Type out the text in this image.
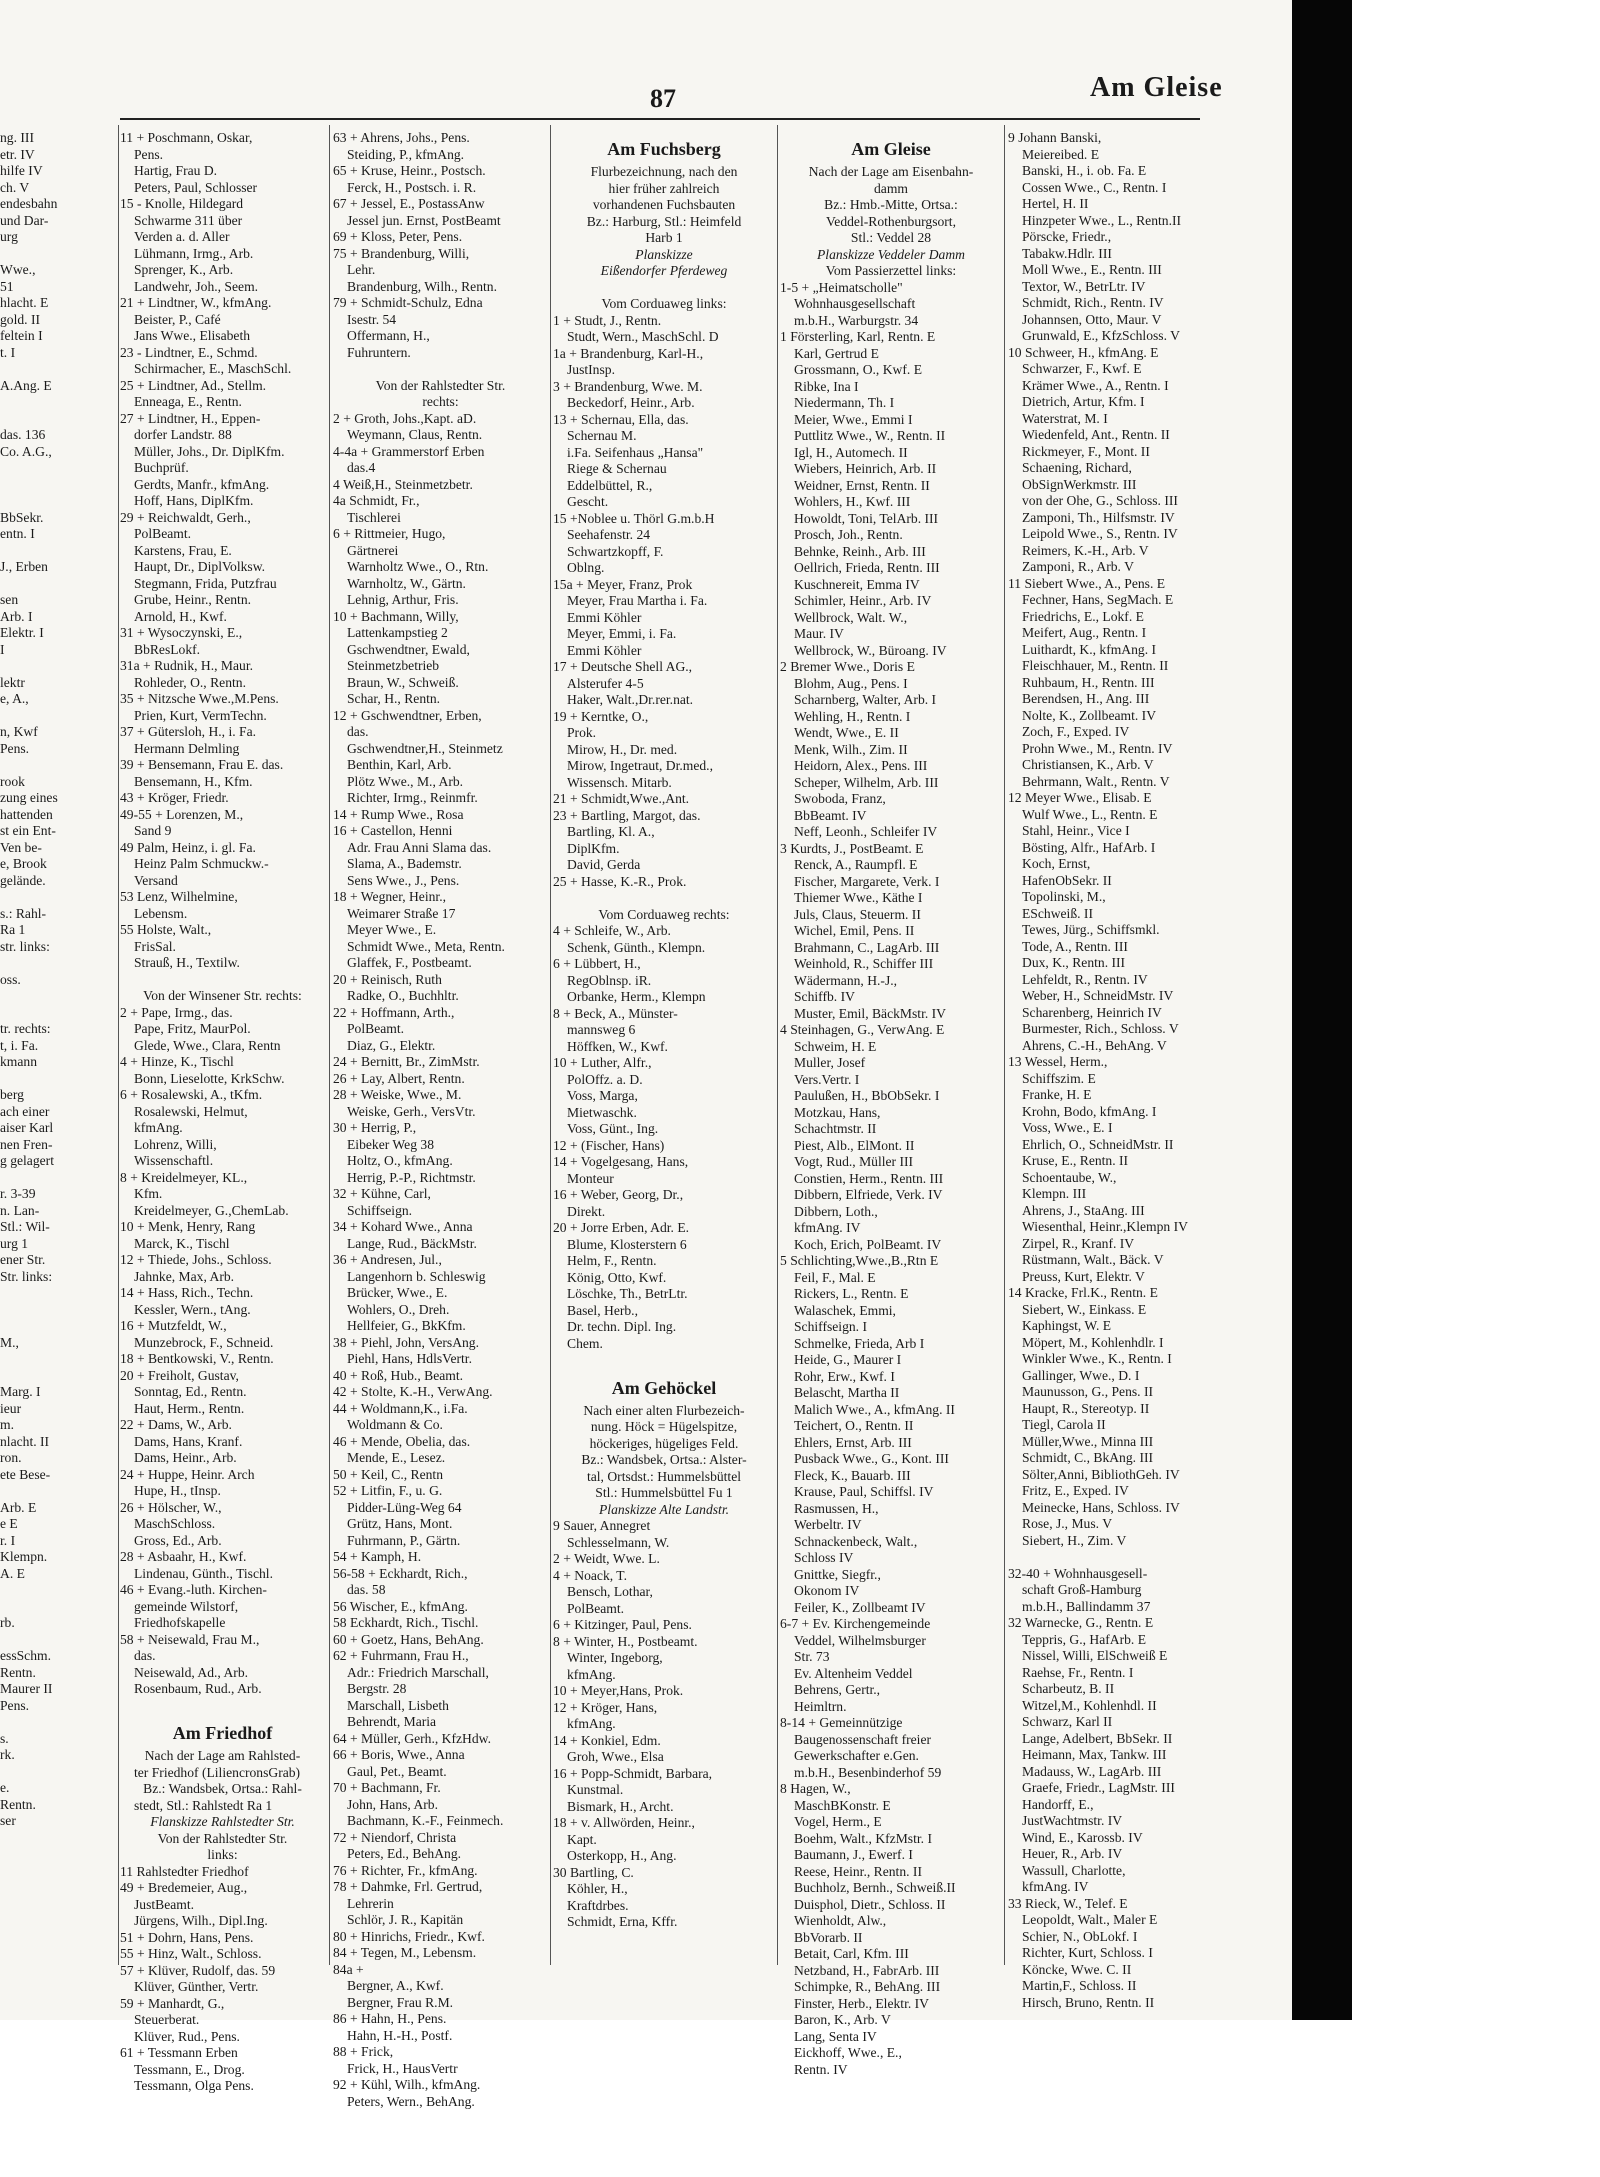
87	Am Gleise
ng. III
etr. IV
hilfe IV
ch. V
endesbahn
und Dar-
urg

Wwe.,
51
hlacht. E
gold. II
feltein I
t. I

A.Ang. E

das. 136
Co. A.G.,

BbSekr.
entn. I

J., Erben

sen
Arb. I
Elektr. I
I

lektr
e, A.,

n, Kwf
Pens.

rook
zung eines
hattenden
st ein Ent-
Ven be-
e, Brook
gelände.

s.: Rahl-
Ra 1
str. links:

oss.

tr. rechts:
t, i. Fa.
kmann

berg
ach einer
aiser Karl
nen Fren-
g gelagert

r. 3-39
n. Lan-
Stl.: Wil-
urg 1
ener Str.
Str. links:

M.,

Marg. I
ieur
m.
nlacht. II
ron.
ete Bese-

Arb. E
e E
r. I
Klempn.
A. E

rb.

essSchm.
Rentn.
Maurer II
Pens.

s.
rk.

e.
Rentn.
ser
11 + Poschmann, Oskar,
Pens.
Hartig, Frau D.
Peters, Paul, Schlosser
15 - Knolle, Hildegard
Schwarme 311 über
Verden a. d. Aller
Lühmann, Irmg., Arb.
Sprenger, K., Arb.
Landwehr, Joh., Seem.
21 + Lindtner, W., kfmAng.
Beister, P., Café
Jans Wwe., Elisabeth
23 - Lindtner, E., Schmd.
Schirmacher, E., MaschSchl.
25 + Lindtner, Ad., Stellm.
Enneaga, E., Rentn.
27 + Lindtner, H., Eppen-
dorfer Landstr. 88
Müller, Johs., Dr. DiplKfm.
Buchprüf.
Gerdts, Manfr., kfmAng.
Hoff, Hans, DiplKfm.
29 + Reichwaldt, Gerh.,
PolBeamt.
Karstens, Frau, E.
Haupt, Dr., DiplVolksw.
Stegmann, Frida, Putzfrau
Grube, Heinr., Rentn.
Arnold, H., Kwf.
31 + Wysoczynski, E.,
BbResLokf.
31a + Rudnik, H., Maur.
Rohleder, O., Rentn.
35 + Nitzsche Wwe.,M.Pens.
Prien, Kurt, VermTechn.
37 + Gütersloh, H., i. Fa.
Hermann Delmling
39 + Bensemann, Frau E. das.
Bensemann, H., Kfm.
43 + Kröger, Friedr.
49-55 + Lorenzen, M.,
Sand 9
49 Palm, Heinz, i. gl. Fa.
Heinz Palm Schmuckw.-
Versand
53 Lenz, Wilhelmine,
Lebensm.
55 Holste, Walt.,
FrisSal.
Strauß, H., Textilw.

Von der Winsener Str. rechts:
2 + Pape, Irmg., das.
Pape, Fritz, MaurPol.
Glede, Wwe., Clara, Rentn
4 + Hinze, K., Tischl
Bonn, Lieselotte, KrkSchw.
6 + Rosalewski, A., tKfm.
Rosalewski, Helmut,
kfmAng.
Lohrenz, Willi,
Wissenschaftl.
8 + Kreidelmeyer, KL.,
Kfm.
Kreidelmeyer, G.,ChemLab.
10 + Menk, Henry, Rang
Marck, K., Tischl
12 + Thiede, Johs., Schloss.
Jahnke, Max, Arb.
14 + Hass, Rich., Techn.
Kessler, Wern., tAng.
16 + Mutzfeldt, W.,
Munzebrock, F., Schneid.
18 + Bentkowski, V., Rentn.
20 + Freiholt, Gustav,
Sonntag, Ed., Rentn.
Haut, Herm., Rentn.
22 + Dams, W., Arb.
Dams, Hans, Kranf.
Dams, Heinr., Arb.
24 + Huppe, Heinr. Arch
Hupe, H., tInsp.
26 + Hölscher, W.,
MaschSchloss.
Gross, Ed., Arb.
28 + Asbaahr, H., Kwf.
Lindenau, Günth., Tischl.
46 + Evang.-luth. Kirchen-
gemeinde Wilstorf,
Friedhofskapelle
58 + Neisewald, Frau M.,
das.
Neisewald, Ad., Arb.
Rosenbaum, Rud., Arb.

Am Friedhof
Nach der Lage am Rahlsted-
ter Friedhof (LiliencronsGrab)
Bz.: Wandsbek, Ortsa.: Rahl-
stedt, Stl.: Rahlstedt Ra 1
Flanskizze Rahlstedter Str.
Von der Rahlstedter Str.
links:
11 Rahlstedter Friedhof
49 + Bredemeier, Aug.,
JustBeamt.
Jürgens, Wilh., Dipl.Ing.
51 + Dohrn, Hans, Pens.
55 + Hinz, Walt., Schloss.
57 + Klüver, Rudolf, das. 59
Klüver, Günther, Vertr.
59 + Manhardt, G.,
Steuerberat.
Klüver, Rud., Pens.
61 + Tessmann Erben
Tessmann, E., Drog.
Tessmann, Olga Pens.
63 + Ahrens, Johs., Pens.
Steiding, P., kfmAng.
65 + Kruse, Heinr., Postsch.
Ferck, H., Postsch. i. R.
67 + Jessel, E., PostassAnw
Jessel jun. Ernst, PostBeamt
69 + Kloss, Peter, Pens.
75 + Brandenburg, Willi,
Lehr.
Brandenburg, Wilh., Rentn.
79 + Schmidt-Schulz, Edna
Isestr. 54
Offermann, H.,
Fuhruntern.

Von der Rahlstedter Str.
rechts:
2 + Groth, Johs.,Kapt. aD.
Weymann, Claus, Rentn.
4-4a + Grammerstorf Erben
das.4
4 Weiß,H., Steinmetzbetr.
4a Schmidt, Fr.,
Tischlerei
6 + Rittmeier, Hugo,
Gärtnerei
Warnholtz Wwe., O., Rtn.
Warnholtz, W., Gärtn.
Lehnig, Arthur, Fris.
10 + Bachmann, Willy,
Lattenkampstieg 2
Gschwendtner, Ewald,
Steinmetzbetrieb
Braun, W., Schweiß.
Schar, H., Rentn.
12 + Gschwendtner, Erben,
das.
Gschwendtner,H., Steinmetz
Benthin, Karl, Arb.
Plötz Wwe., M., Arb.
Richter, Irmg., Reinmfr.
14 + Rump Wwe., Rosa
16 + Castellon, Henni
Adr. Frau Anni Slama das.
Slama, A., Bademstr.
Sens Wwe., J., Pens.
18 + Wegner, Heinr.,
Weimarer Straße 17
Meyer Wwe., E.
Schmidt Wwe., Meta, Rentn.
Glaffek, F., Postbeamt.
20 + Reinisch, Ruth
Radke, O., Buchhltr.
22 + Hoffmann, Arth.,
PolBeamt.
Diaz, G., Elektr.
24 + Bernitt, Br., ZimMstr.
26 + Lay, Albert, Rentn.
28 + Weiske, Wwe., M.
Weiske, Gerh., VersVtr.
30 + Herrig, P.,
Eibeker Weg 38
Holtz, O., kfmAng.
Herrig, P.-P., Richtmstr.
32 + Kühne, Carl,
Schiffseign.
34 + Kohard Wwe., Anna
Lange, Rud., BäckMstr.
36 + Andresen, Jul.,
Langenhorn b. Schleswig
Brücker, Wwe., E.
Wohlers, O., Dreh.
Hellfeier, G., BkKfm.
38 + Piehl, John, VersAng.
Piehl, Hans, HdlsVertr.
40 + Roß, Hub., Beamt.
42 + Stolte, K.-H., VerwAng.
44 + Woldmann,K., i.Fa.
Woldmann & Co.
46 + Mende, Obelia, das.
Mende, E., Lesez.
50 + Keil, C., Rentn
52 + Litfin, F., u. G.
Pidder-Lüng-Weg 64
Grütz, Hans, Mont.
Fuhrmann, P., Gärtn.
54 + Kamph, H.
56-58 + Eckhardt, Rich.,
das. 58
56 Wischer, E., kfmAng.
58 Eckhardt, Rich., Tischl.
60 + Goetz, Hans, BehAng.
62 + Fuhrmann, Frau H.,
Adr.: Friedrich Marschall,
Bergstr. 28
Marschall, Lisbeth
Behrendt, Maria
64 + Müller, Gerh., KfzHdw.
66 + Boris, Wwe., Anna
Gaul, Pet., Beamt.
70 + Bachmann, Fr.
John, Hans, Arb.
Bachmann, K.-F., Feinmech.
72 + Niendorf, Christa
Peters, Ed., BehAng.
76 + Richter, Fr., kfmAng.
78 + Dahmke, Frl. Gertrud,
Lehrerin
Schlör, J. R., Kapitän
80 + Hinrichs, Friedr., Kwf.
84 + Tegen, M., Lebensm.
84a +
Bergner, A., Kwf.
Bergner, Frau R.M.
86 + Hahn, H., Pens.
Hahn, H.-H., Postf.
88 + Frick,
Frick, H., HausVertr
92 + Kühl, Wilh., kfmAng.
Peters, Wern., BehAng.
Am Fuchsberg
Flurbezeichnung, nach den
hier früher zahlreich
vorhandenen Fuchsbauten
Bz.: Harburg, Stl.: Heimfeld
Harb 1
Planskizze
Eißendorfer Pferdeweg

Vom Corduaweg links:
1 + Studt, J., Rentn.
Studt, Wern., MaschSchl. D
1a + Brandenburg, Karl-H.,
JustInsp.
3 + Brandenburg, Wwe. M.
Beckedorf, Heinr., Arb.
13 + Schernau, Ella, das.
Schernau M.
i.Fa. Seifenhaus „Hansa"
Riege & Schernau
Eddelbüttel, R.,
Gescht.
15 +Noblee u. Thörl G.m.b.H
Seehafenstr. 24
Schwartzkopff, F.
Oblng.
15a + Meyer, Franz, Prok
Meyer, Frau Martha i. Fa.
Emmi Köhler
Meyer, Emmi, i. Fa.
Emmi Köhler
17 + Deutsche Shell AG.,
Alsterufer 4-5
Haker, Walt.,Dr.rer.nat.
19 + Kerntke, O.,
Prok.
Mirow, H., Dr. med.
Mirow, Ingetraut, Dr.med.,
Wissensch. Mitarb.
21 + Schmidt,Wwe.,Ant.
23 + Bartling, Margot, das.
Bartling, Kl. A.,
DiplKfm.
David, Gerda
25 + Hasse, K.-R., Prok.

Vom Corduaweg rechts:
4 + Schleife, W., Arb.
Schenk, Günth., Klempn.
6 + Lübbert, H.,
RegOblnsp. iR.
Orbanke, Herm., Klempn
8 + Beck, A., Münster-
mannsweg 6
Höffken, W., Kwf.
10 + Luther, Alfr.,
PolOffz. a. D.
Voss, Marga,
Mietwaschk.
Voss, Günt., Ing.
12 + (Fischer, Hans)
14 + Vogelgesang, Hans,
Monteur
16 + Weber, Georg, Dr.,
Direkt.
20 + Jorre Erben, Adr. E.
Blume, Klosterstern 6
Helm, F., Rentn.
König, Otto, Kwf.
Löschke, Th., BetrLtr.
Basel, Herb.,
Dr. techn. Dipl. Ing.
Chem.

Am Gehöckel
Nach einer alten Flurbezeich-
nung. Höck = Hügelspitze,
höckeriges, hügeliges Feld.
Bz.: Wandsbek, Ortsa.: Alster-
tal, Ortsdst.: Hummelsbüttel
Stl.: Hummelsbüttel Fu 1
Planskizze Alte Landstr.
9 Sauer, Annegret
Schlesselmann, W.
2 + Weidt, Wwe. L.
4 + Noack, T.
Bensch, Lothar,
PolBeamt.
6 + Kitzinger, Paul, Pens.
8 + Winter, H., Postbeamt.
Winter, Ingeborg,
kfmAng.
10 + Meyer,Hans, Prok.
12 + Kröger, Hans,
kfmAng.
14 + Konkiel, Edm.
Groh, Wwe., Elsa
16 + Popp-Schmidt, Barbara,
Kunstmal.
Bismark, H., Archt.
18 + v. Allwörden, Heinr.,
Kapt.
Osterkopp, H., Ang.
30 Bartling, C.
Köhler, H.,
Kraftdrbes.
Schmidt, Erna, Kffr.
Am Gleise
Nach der Lage am Eisenbahn-
damm
Bz.: Hmb.-Mitte, Ortsa.:
Veddel-Rothenburgsort,
Stl.: Veddel 28
Planskizze Veddeler Damm
Vom Passierzettel links:
1-5 + „Heimatscholle"
Wohnhausgesellschaft
m.b.H., Warburgstr. 34
1 Försterling, Karl, Rentn. E
Karl, Gertrud E
Grossmann, O., Kwf. E
Ribke, Ina I
Niedermann, Th. I
Meier, Wwe., Emmi I
Puttlitz Wwe., W., Rentn. II
Igl, H., Automech. II
Wiebers, Heinrich, Arb. II
Weidner, Ernst, Rentn. II
Wohlers, H., Kwf. III
Howoldt, Toni, TelArb. III
Prosch, Joh., Rentn.
Behnke, Reinh., Arb. III
Oellrich, Frieda, Rentn. III
Kuschnereit, Emma IV
Schimler, Heinr., Arb. IV
Wellbrock, Walt. W.,
Maur. IV
Wellbrock, W., Büroang. IV
2 Bremer Wwe., Doris E
Blohm, Aug., Pens. I
Scharnberg, Walter, Arb. I
Wehling, H., Rentn. I
Wendt, Wwe., E. II
Menk, Wilh., Zim. II
Heidorn, Alex., Pens. III
Scheper, Wilhelm, Arb. III
Swoboda, Franz,
BbBeamt. IV
Neff, Leonh., Schleifer IV
3 Kurdts, J., PostBeamt. E
Renck, A., Raumpfl. E
Fischer, Margarete, Verk. I
Thiemer Wwe., Käthe I
Juls, Claus, Steuerm. II
Wichel, Emil, Pens. II
Brahmann, C., LagArb. III
Weinhold, R., Schiffer III
Wädermann, H.-J.,
Schiffb. IV
Muster, Emil, BäckMstr. IV
4 Steinhagen, G., VerwAng. E
Schweim, H. E
Muller, Josef
Vers.Vertr. I
Paulußen, H., BbObSekr. I
Motzkau, Hans,
Schachtmstr. II
Piest, Alb., ElMont. II
Vogt, Rud., Müller III
Constien, Herm., Rentn. III
Dibbern, Elfriede, Verk. IV
Dibbern, Loth.,
kfmAng. IV
Koch, Erich, PolBeamt. IV
5 Schlichting,Wwe.,B.,Rtn E
Feil, F., Mal. E
Rickers, L., Rentn. E
Walaschek, Emmi,
Schiffseign. I
Schmelke, Frieda, Arb I
Heide, G., Maurer I
Rohr, Erw., Kwf. I
Belascht, Martha II
Malich Wwe., A., kfmAng. II
Teichert, O., Rentn. II
Ehlers, Ernst, Arb. III
Pusback Wwe., G., Kont. III
Fleck, K., Bauarb. III
Krause, Paul, Schiffsl. IV
Rasmussen, H.,
Werbeltr. IV
Schnackenbeck, Walt.,
Schloss IV
Gnittke, Siegfr.,
Okonom IV
Feiler, K., Zollbeamt IV
6-7 + Ev. Kirchengemeinde
Veddel, Wilhelmsburger
Str. 73
Ev. Altenheim Veddel
Behrens, Gertr.,
Heimltrn.
8-14 + Gemeinnützige
Baugenossenschaft freier
Gewerkschafter e.Gen.
m.b.H., Besenbinderhof 59
8 Hagen, W.,
MaschBKonstr. E
Vogel, Herm., E
Boehm, Walt., KfzMstr. I
Baumann, J., Ewerf. I
Reese, Heinr., Rentn. II
Buchholz, Bernh., Schweiß.II
Duisphol, Dietr., Schloss. II
Wienholdt, Alw.,
BbVorarb. II
Betait, Carl, Kfm. III
Netzband, H., FabrArb. III
Schimpke, R., BehAng. III
Finster, Herb., Elektr. IV
Baron, K., Arb. V
Lang, Senta IV
Eickhoff, Wwe., E.,
Rentn. IV
9 Johann Banski,
Meiereibed. E
Banski, H., i. ob. Fa. E
Cossen Wwe., C., Rentn. I
Hertel, H. II
Hinzpeter Wwe., L., Rentn.II
Pörscke, Friedr.,
Tabakw.Hdlr. III
Moll Wwe., E., Rentn. III
Textor, W., BetrLtr. IV
Schmidt, Rich., Rentn. IV
Johannsen, Otto, Maur. V
Grunwald, E., KfzSchloss. V
10 Schweer, H., kfmAng. E
Schwarzer, F., Kwf. E
Krämer Wwe., A., Rentn. I
Dietrich, Artur, Kfm. I
Waterstrat, M. I
Wiedenfeld, Ant., Rentn. II
Rickmeyer, F., Mont. II
Schaening, Richard,
ObSignWerkmstr. III
von der Ohe, G., Schloss. III
Zamponi, Th., Hilfsmstr. IV
Leipold Wwe., S., Rentn. IV
Reimers, K.-H., Arb. V
Zamponi, R., Arb. V
11 Siebert Wwe., A., Pens. E
Fechner, Hans, SegMach. E
Friedrichs, E., Lokf. E
Meifert, Aug., Rentn. I
Luithardt, K., kfmAng. I
Fleischhauer, M., Rentn. II
Ruhbaum, H., Rentn. III
Berendsen, H., Ang. III
Nolte, K., Zollbeamt. IV
Zoch, F., Exped. IV
Prohn Wwe., M., Rentn. IV
Christiansen, K., Arb. V
Behrmann, Walt., Rentn. V
12 Meyer Wwe., Elisab. E
Wulf Wwe., L., Rentn. E
Stahl, Heinr., Vice I
Bösting, Alfr., HafArb. I
Koch, Ernst,
HafenObSekr. II
Topolinski, M.,
ESchweiß. II
Tewes, Jürg., Schiffsmkl.
Tode, A., Rentn. III
Dux, K., Rentn. III
Lehfeldt, R., Rentn. IV
Weber, H., SchneidMstr. IV
Scharenberg, Heinrich IV
Burmester, Rich., Schloss. V
Ahrens, C.-H., BehAng. V
13 Wessel, Herm.,
Schiffszim. E
Franke, H. E
Krohn, Bodo, kfmAng. I
Voss, Wwe., E. I
Ehrlich, O., SchneidMstr. II
Kruse, E., Rentn. II
Schoentaube, W.,
Klempn. III
Ahrens, J., StaAng. III
Wiesenthal, Heinr.,Klempn IV
Zirpel, R., Kranf. IV
Rüstmann, Walt., Bäck. V
Preuss, Kurt, Elektr. V
14 Kracke, Frl.K., Rentn. E
Siebert, W., Einkass. E
Kaphingst, W. E
Möpert, M., Kohlenhdlr. I
Winkler Wwe., K., Rentn. I
Gallinger, Wwe., D. I
Maunusson, G., Pens. II
Haupt, R., Stereotyp. II
Tiegl, Carola II
Müller,Wwe., Minna III
Schmidt, C., BkAng. III
Sölter,Anni, BibliothGeh. IV
Fritz, E., Exped. IV
Meinecke, Hans, Schloss. IV
Rose, J., Mus. V
Siebert, H., Zim. V

32-40 + Wohnhausgesell-
schaft Groß-Hamburg
m.b.H., Ballindamm 37
32 Warnecke, G., Rentn. E
Teppris, G., HafArb. E
Nissel, Willi, ElSchweiß E
Raehse, Fr., Rentn. I
Scharbeutz, B. II
Witzel,M., Kohlenhdl. II
Schwarz, Karl II
Lange, Adelbert, BbSekr. II
Heimann, Max, Tankw. III
Madauss, W., LagArb. III
Graefe, Friedr., LagMstr. III
Handorff, E.,
JustWachtmstr. IV
Wind, E., Karossb. IV
Heuer, R., Arb. IV
Wassull, Charlotte,
kfmAng. IV
33 Rieck, W., Telef. E
Leopoldt, Walt., Maler E
Schier, N., ObLokf. I
Richter, Kurt, Schloss. I
Köncke, Wwe. C. II
Martin,F., Schloss. II
Hirsch, Bruno, Rentn. II
